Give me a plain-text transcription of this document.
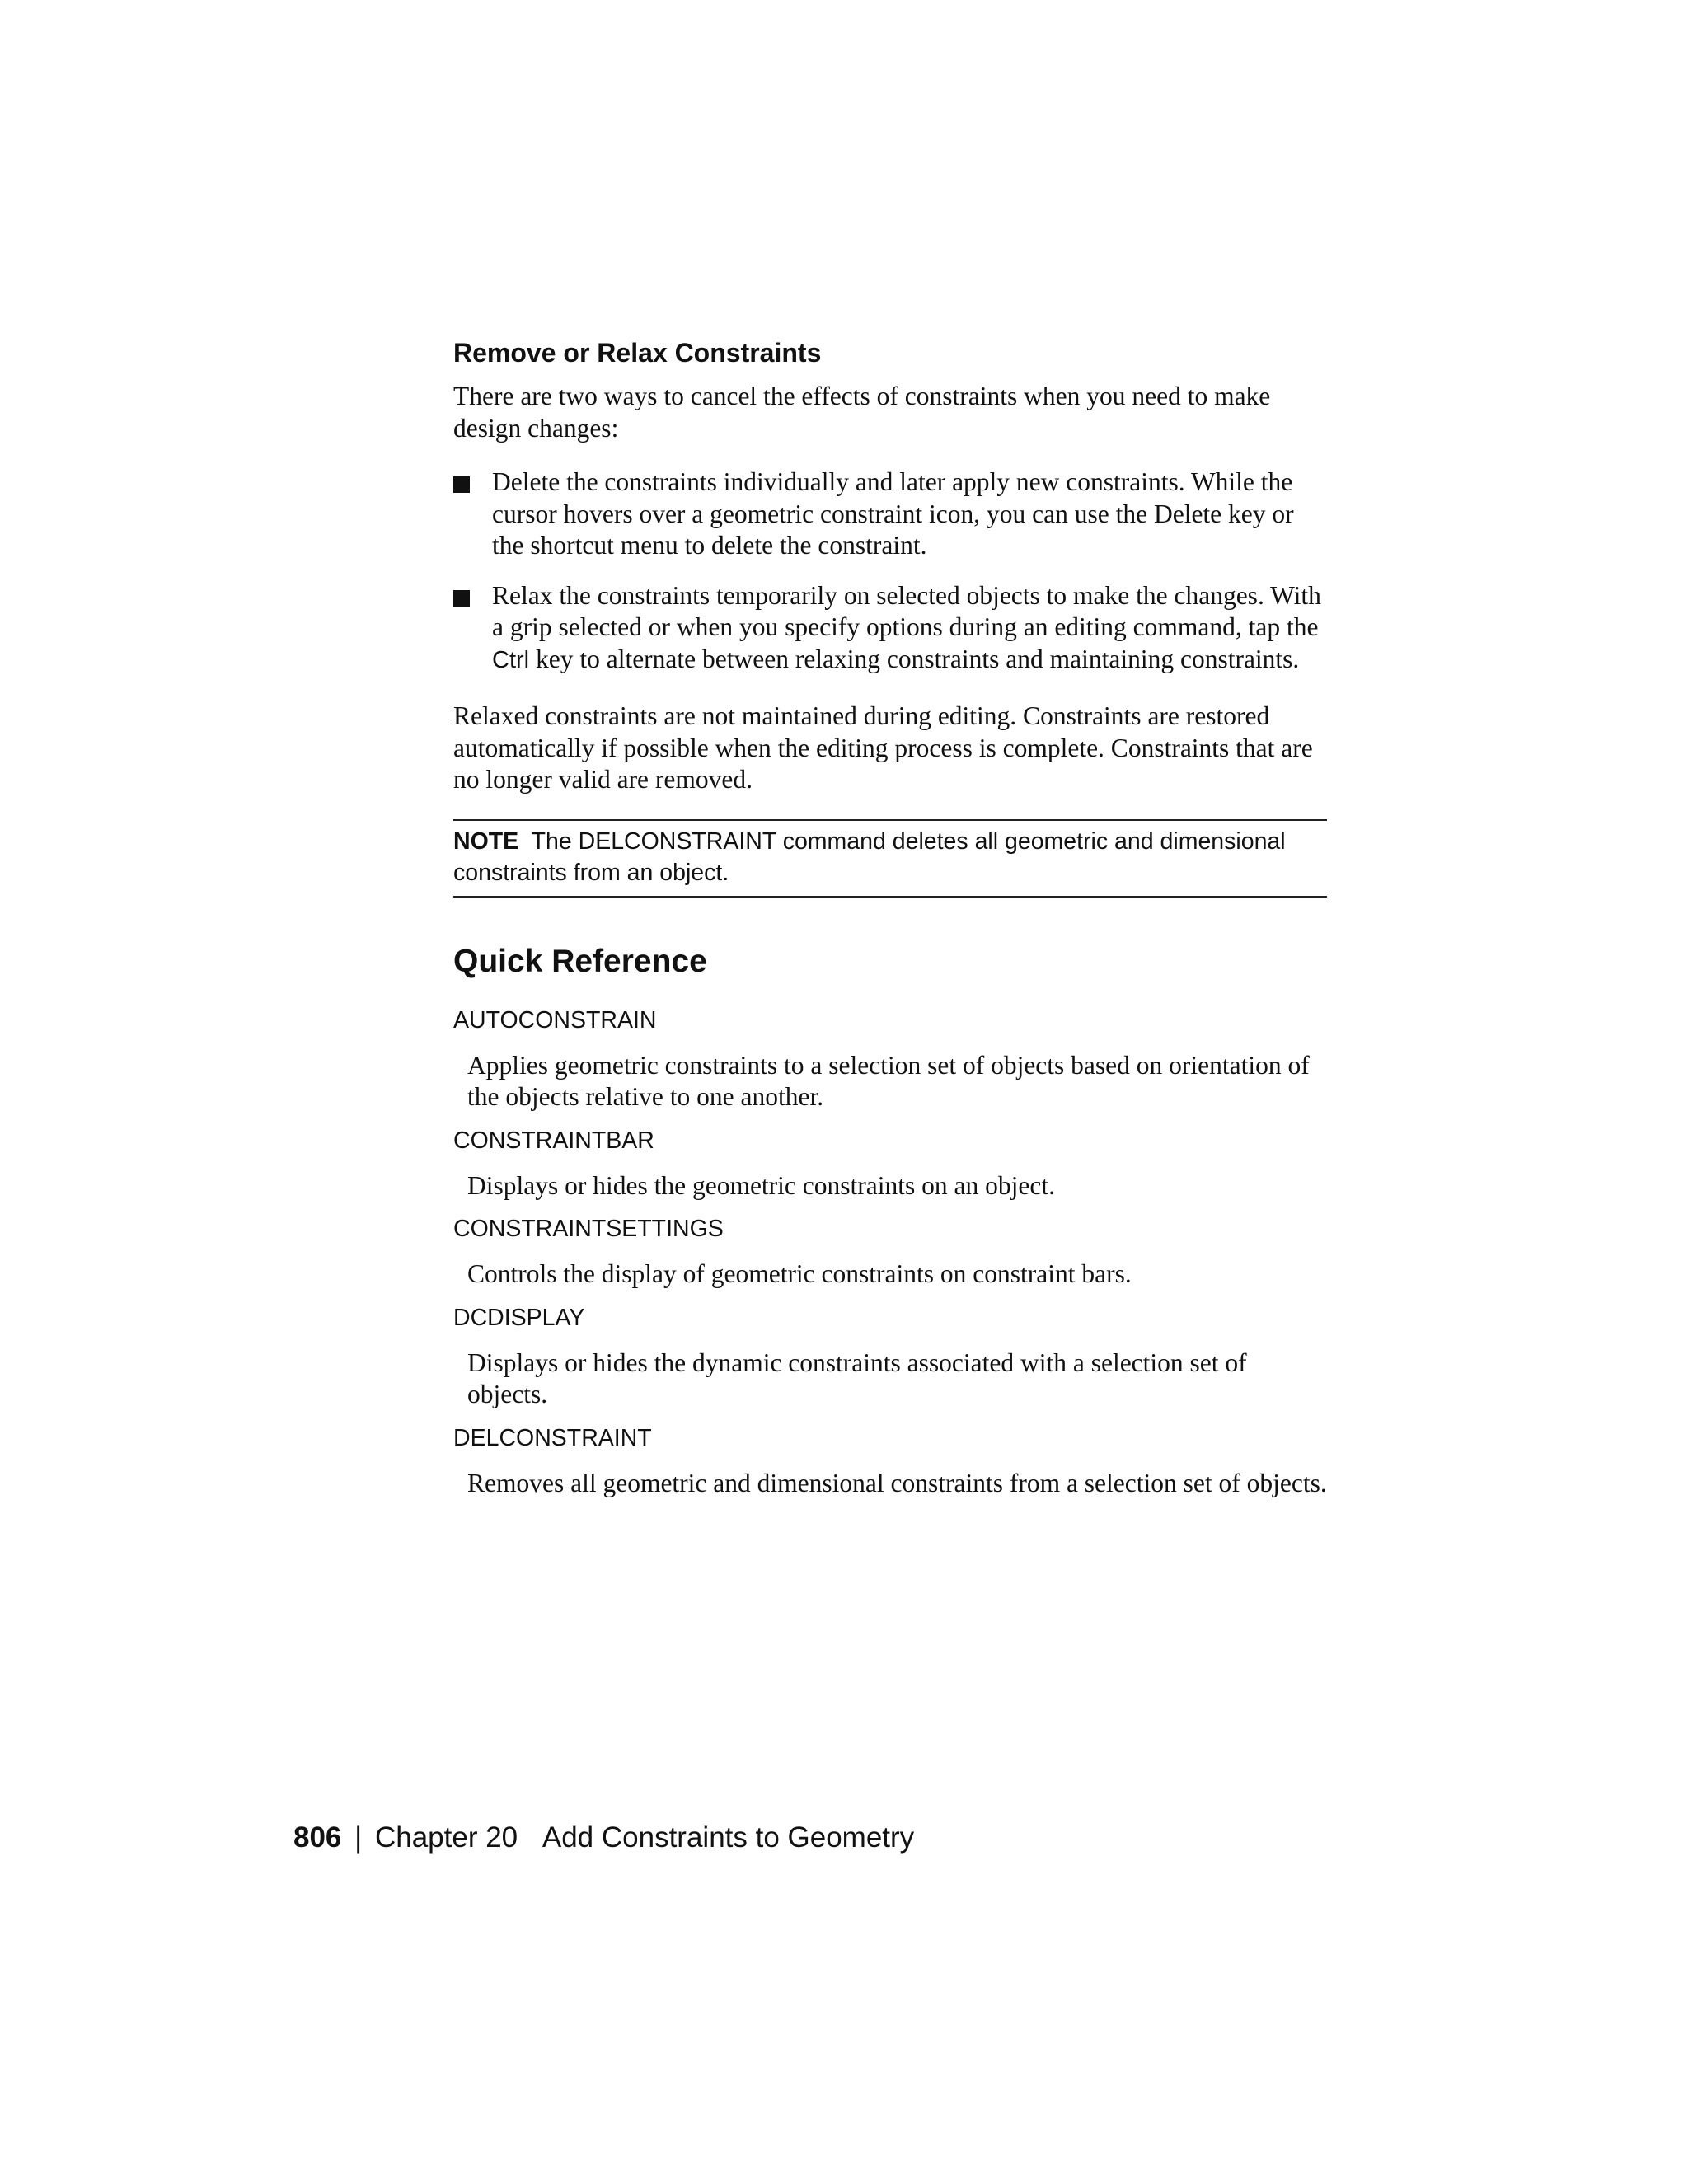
Remove or Relax Constraints

There are two ways to cancel the effects of constraints when you need to make design changes:

Delete the constraints individually and later apply new constraints. While the cursor hovers over a geometric constraint icon, you can use the Delete key or the shortcut menu to delete the constraint.
Relax the constraints temporarily on selected objects to make the changes. With a grip selected or when you specify options during an editing command, tap the Ctrl key to alternate between relaxing constraints and maintaining constraints.

Relaxed constraints are not maintained during editing. Constraints are restored automatically if possible when the editing process is complete. Constraints that are no longer valid are removed.

NOTE The DELCONSTRAINT command deletes all geometric and dimensional constraints from an object.
Quick Reference
AUTOCONSTRAIN

Applies geometric constraints to a selection set of objects based on orientation of the objects relative to one another.

CONSTRAINTBAR

Displays or hides the geometric constraints on an object.

CONSTRAINTSETTINGS

Controls the display of geometric constraints on constraint bars.

DCDISPLAY

Displays or hides the dynamic constraints associated with a selection set of objects.

DELCONSTRAINT

Removes all geometric and dimensional constraints from a selection set of objects.

806 | Chapter 20 Add Constraints to Geometry
